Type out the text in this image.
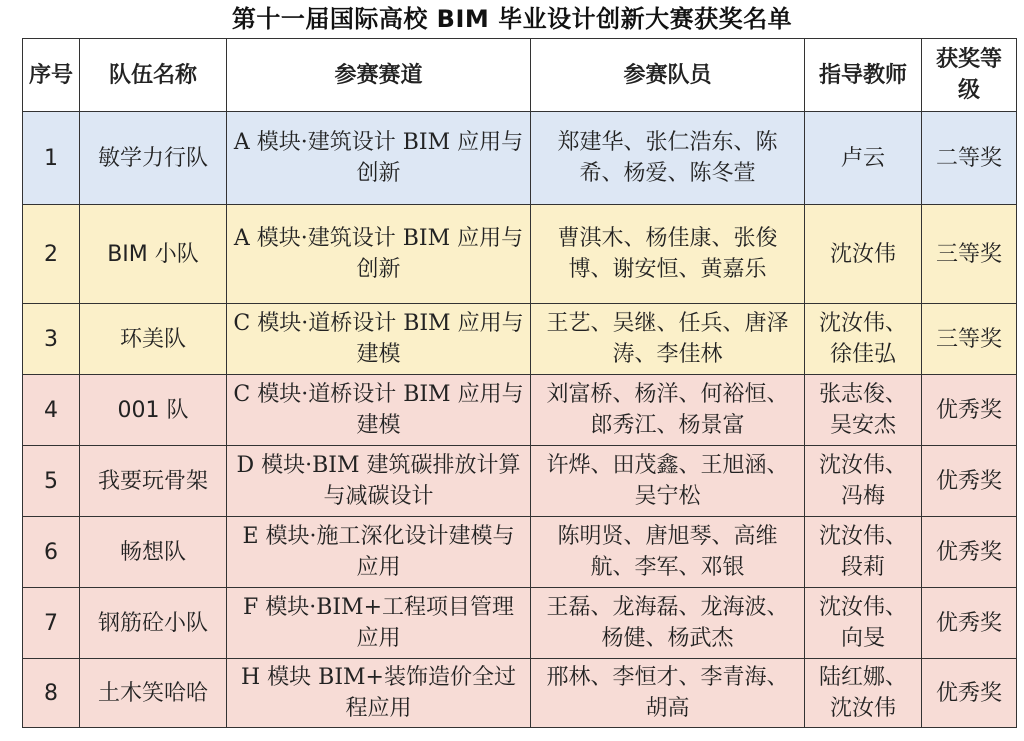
第十一届国际高校 BIM 毕业设计创新大赛获奖名单
序号	队伍名称	参赛赛道	参赛队员	指导教师	获奖等级
1	敏学力行队	A 模块·建筑设计 BIM 应用与创新	郑建华、张仁浩东、陈希、杨爱、陈冬萱	卢云	二等奖
2	BIM 小队	A 模块·建筑设计 BIM 应用与创新	曹淇木、杨佳康、张俊博、谢安恒、黄嘉乐	沈汝伟	三等奖
3	环美队	C 模块·道桥设计 BIM 应用与建模	王艺、吴继、任兵、唐泽涛、李佳林	沈汝伟、徐佳弘	三等奖
4	001 队	C 模块·道桥设计 BIM 应用与建模	刘富桥、杨洋、何裕恒、郎秀江、杨景富	张志俊、吴安杰	优秀奖
5	我要玩骨架	D 模块·BIM 建筑碳排放计算与减碳设计	许烨、田茂鑫、王旭涵、吴宁松	沈汝伟、冯梅	优秀奖
6	畅想队	E 模块·施工深化设计建模与应用	陈明贤、唐旭琴、高维航、李军、邓银	沈汝伟、段莉	优秀奖
7	钢筋砼小队	F 模块·BIM+工程项目管理应用	王磊、龙海磊、龙海波、杨健、杨武杰	沈汝伟、向旻	优秀奖
8	土木笑哈哈	H 模块 BIM+装饰造价全过程应用	邢林、李恒才、李青海、胡高	陆红娜、沈汝伟	优秀奖
